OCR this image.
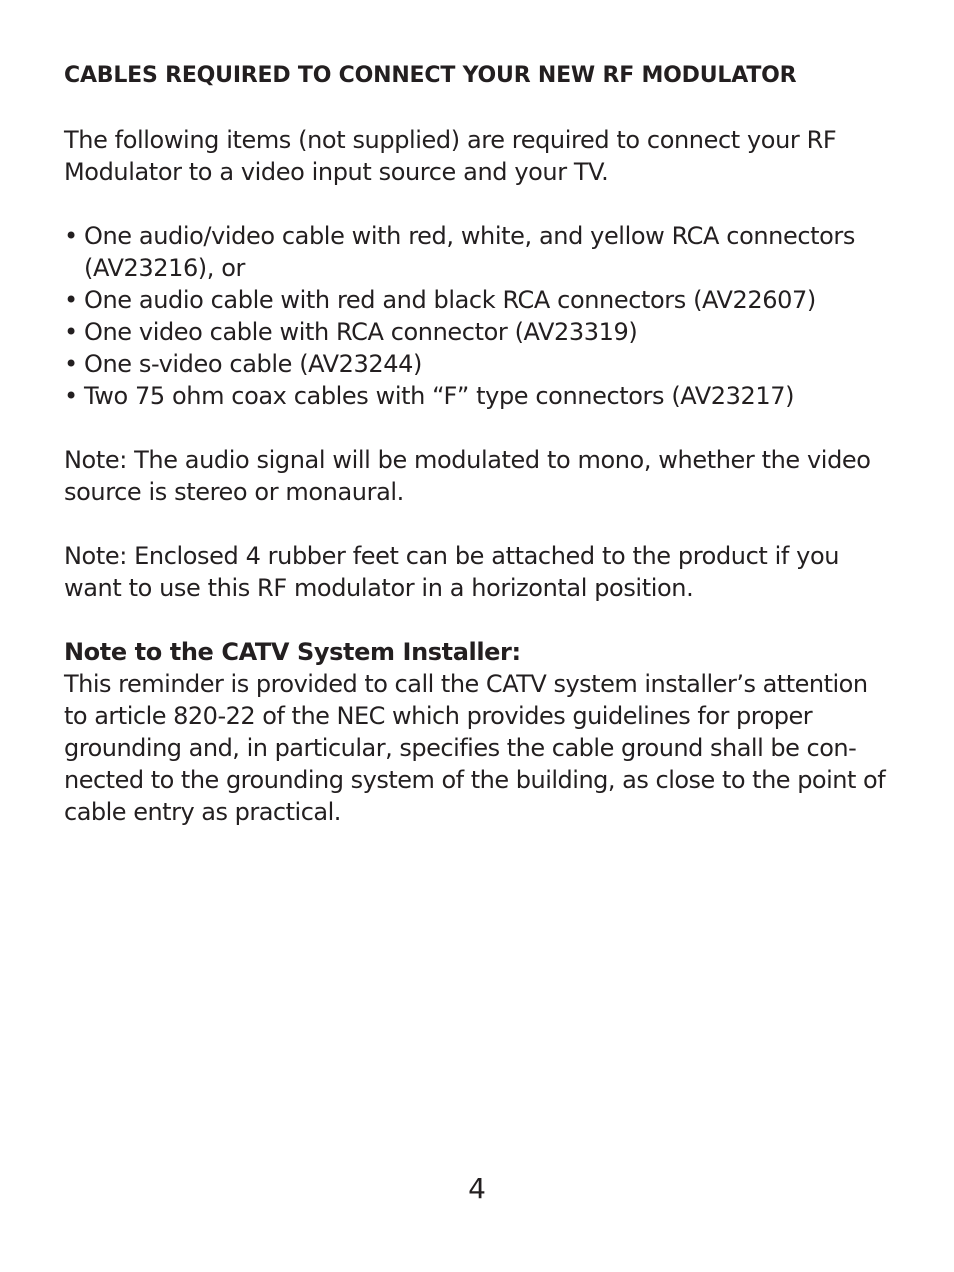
CABLES REQUIRED TO CONNECT YOUR NEW RF MODULATOR

The following items (not supplied) are required to connect your RF Modulator to a video input source and your TV.

• One audio/video cable with red, white, and yellow RCA connectors (AV23216), or
• One audio cable with red and black RCA connectors (AV22607)
• One video cable with RCA connector (AV23319)
• One s-video cable (AV23244)
• Two 75 ohm coax cables with “F” type connectors (AV23217)

Note: The audio signal will be modulated to mono, whether the video source is stereo or monaural.

Note: Enclosed 4 rubber feet can be attached to the product if you want to use this RF modulator in a horizontal position.

Note to the CATV System Installer:

This reminder is provided to call the CATV system installer’s attention to article 820-22 of the NEC which provides guidelines for proper grounding and, in particular, specifies the cable ground shall be con-nected to the grounding system of the building, as close to the point of cable entry as practical.

4
